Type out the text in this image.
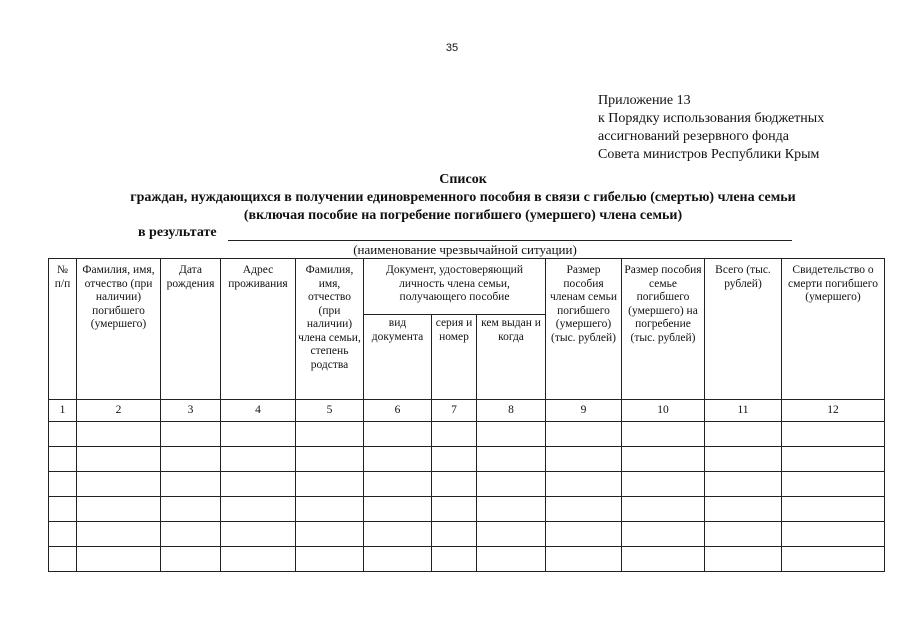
35
Приложение 13
к Порядку использования бюджетных
ассигнований резервного фонда
Совета министров Республики Крым
Список
граждан, нуждающихся в получении единовременного пособия в связи с гибелью (смертью) члена семьи
(включая пособие на погребение погибшего (умершего) члена семьи)
в результате
(наименование чрезвычайной ситуации)
№ п/п	Фамилия, имя, отчество (при наличии) погибшего (умершего)	Дата рождения	Адрес проживания	Фамилия, имя, отчество (при наличии) члена семьи, степень родства	Документ, удостоверяющий личность члена семьи, получающего пособие			Размер пособия членам семьи погибшего (умершего) (тыс. рублей)	Размер пособия семье погибшего (умершего) на погребение (тыс. рублей)	Всего (тыс. рублей)	Свидетельство о смерти погибшего (умершего)
					вид документа	серия и номер	кем выдан и когда				
1	2	3	4	5	6	7	8	9	10	11	12
